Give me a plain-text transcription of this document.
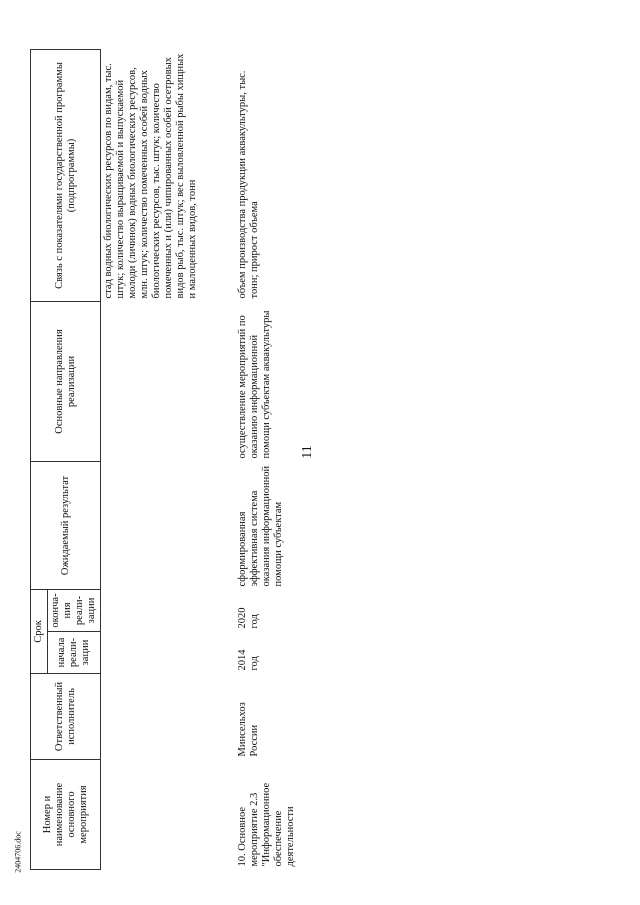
11
2404706.doc
Номер и наименование основного мероприятия	Ответственный исполнитель	Срок		Ожидаемый результат	Основные направления реализации	Связь с показателями государственной программы (подпрограммы)
		начала реали-зации	оконча-ния реали-зации			
						стад водных биологических ресурсов по видам, тыс. штук; количество выращиваемой и выпускаемой молоди (личинок) водных биологических ресурсов, млн. штук; количество помеченных особей водных биологических ресурсов, тыс. штук; количество помеченных и (или) чипированных особей осетровых видов рыб, тыс. штук; вес выловленной рыбы хищных и малоценных видов, тонн
10. Основное мероприятие 2.3 "Информационное обеспечение деятельности	Минсельхоз России	2014 год	2020 год	сформированная эффективная система оказания информационной помощи субъектам	осуществление мероприятий по оказанию информационной помощи субъектам аквакультуры	объем производства продукции аквакультуры, тыс. тонн; прирост объема
